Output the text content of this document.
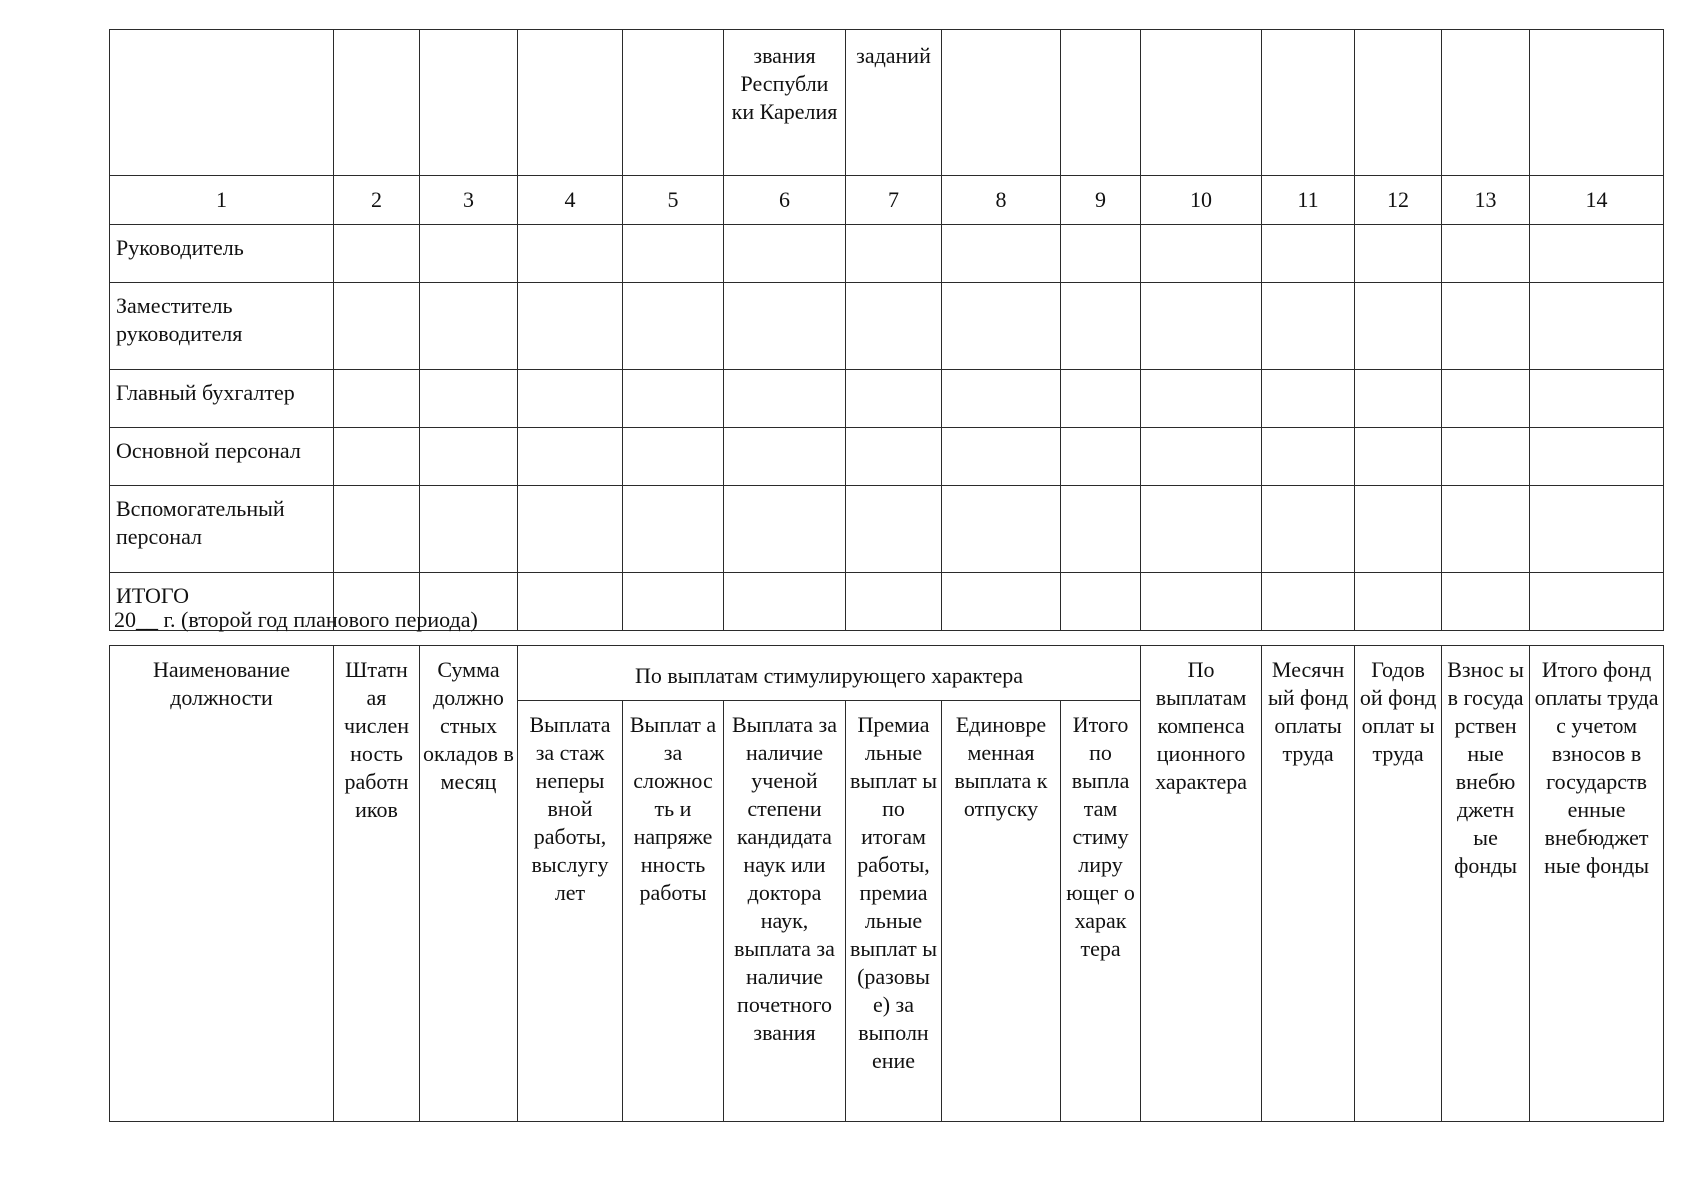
					звания Республи ки Карелия	заданий							
1	2	3	4	5	6	7	8	9	10	11	12	13	14
Руководитель													
Заместитель руководителя													
Главный бухгалтер													
Основной персонал													
Вспомогательный персонал													
ИТОГО													
20__ г. (второй год планового периода)
Наименование должности	Штатн ая числен ность работн иков	Сумма должно стных окладов в месяц	По выплатам стимулирующего характера						По выплатам компенса ционного характера	Месячн ый фонд оплаты труда	Годов ой фонд оплат ы труда	Взнос ы в госуда рствен ные внебю джетн ые фонды	Итого фонд оплаты труда с учетом взносов в государств енные внебюджет ные фонды
			Выплата за стаж неперы вной работы, выслугу лет	Выплат а за сложнос ть и напряже нность работы	Выплата за наличие ученой степени кандидата наук или доктора наук, выплата за наличие почетного звания	Премиа льные выплат ы по итогам работы, премиа льные выплат ы (разовы е) за выполн ение	Единовре менная выплата к отпуску	Итого по выпла там стиму лиру ющег о харак тера					
